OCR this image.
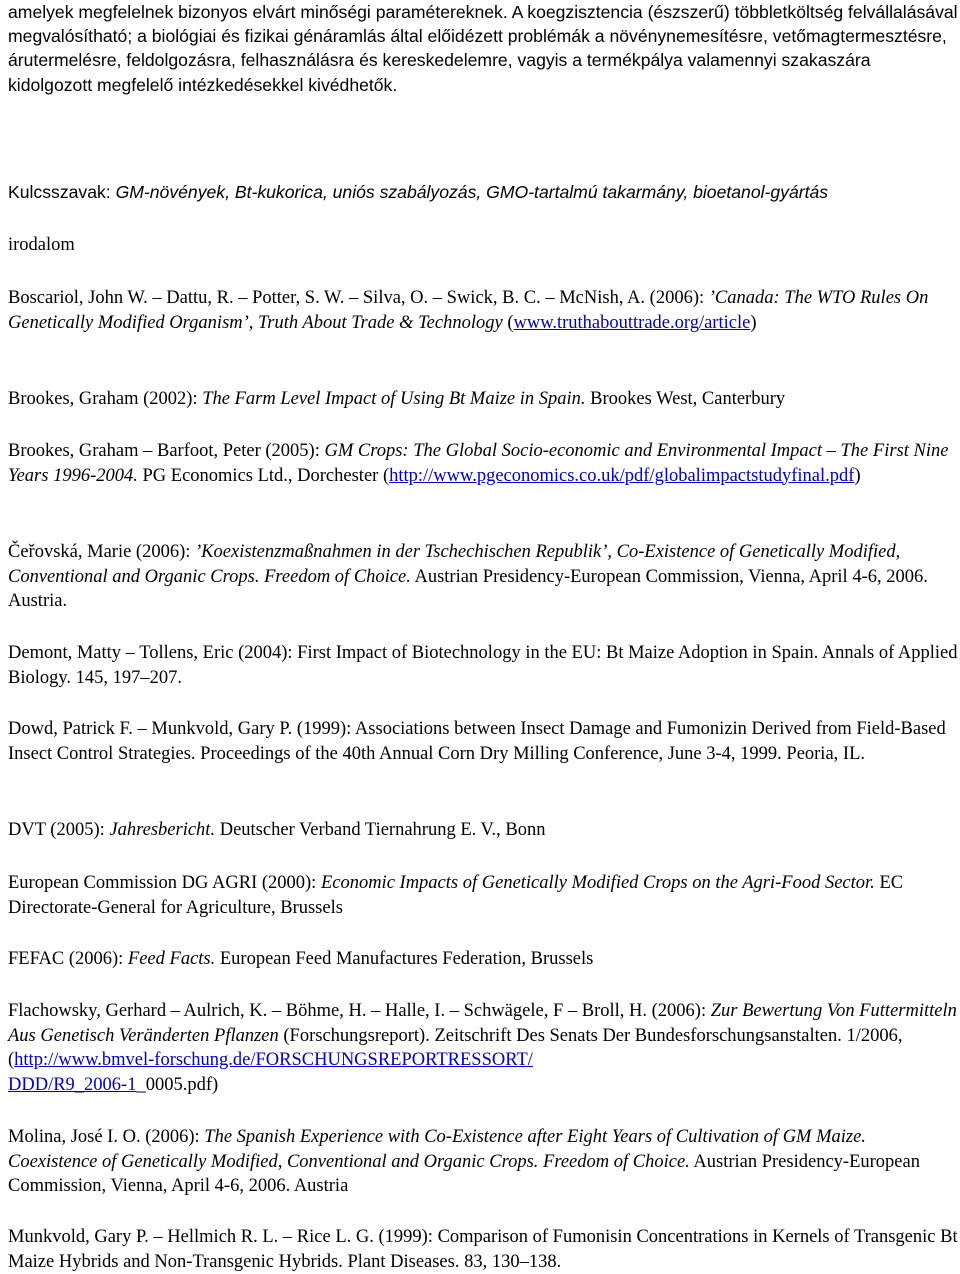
amelyek megfelelnek bizonyos elvárt minőségi paramétereknek. A koegzisztencia (észszerű) többletköltség felvállalásával megvalósítható; a biológiai és fizikai génáramlás által előidézett problémák a növénynemesítésre, vetőmagtermesztésre, árutermelésre, feldolgozásra, felhasználásra és kereskedelemre, vagyis a termékpálya valamennyi szakaszára kidolgozott megfelelő intézkedésekkel kivédhetők.

Kulcsszavak: GM-növények, Bt-kukorica, uniós szabályozás, GMO-tartalmú takarmány, bioetanol-gyártás

irodalom

Boscariol, John W. – Dattu, R. – Potter, S. W. – Silva, O. – Swick, B. C. – McNish, A. (2006): ’Canada: The WTO Rules On Genetically Modified Organism’, Truth About Trade & Technology (www.truthabouttrade.org/article)

Brookes, Graham (2002): The Farm Level Impact of Using Bt Maize in Spain. Brookes West, Canterbury

Brookes, Graham – Barfoot, Peter (2005): GM Crops: The Global Socio-economic and Environmental Impact – The First Nine Years 1996-2004. PG Economics Ltd., Dorchester (http://www.pgeconomics.co.uk/pdf/globalimpactstudyfinal.pdf)

Čeřovská, Marie (2006): ’Koexistenzmaßnahmen in der Tschechischen Republik’, Co-Existence of Genetically Modified, Conventional and Organic Crops. Freedom of Choice. Austrian Presidency-European Commission, Vienna, April 4-6, 2006. Austria.

Demont, Matty – Tollens, Eric (2004): First Impact of Biotechnology in the EU: Bt Maize Adoption in Spain. Annals of Applied Biology. 145, 197–207.

Dowd, Patrick F. – Munkvold, Gary P. (1999): Associations between Insect Damage and Fumonizin Derived from Field-Based Insect Control Strategies. Proceedings of the 40th Annual Corn Dry Milling Conference, June 3-4, 1999. Peoria, IL.

DVT (2005): Jahresbericht. Deutscher Verband Tiernahrung E. V., Bonn

European Commission DG AGRI (2000): Economic Impacts of Genetically Modified Crops on the Agri-Food Sector. EC Directorate-General for Agriculture, Brussels

FEFAC (2006): Feed Facts. European Feed Manufactures Federation, Brussels

Flachowsky, Gerhard – Aulrich, K. – Böhme, H. – Halle, I. – Schwägele, F – Broll, H. (2006): Zur Bewertung Von Futtermitteln Aus Genetisch Veränderten Pflanzen (Forschungsreport). Zeitschrift Des Senats Der Bundesforschungsanstalten. 1/2006, (http://www.bmvel-forschung.de/FORSCHUNGSREPORTRESSORT/
DDD/R9_2006-1_0005.pdf)

Molina, José I. O. (2006): The Spanish Experience with Co-Existence after Eight Years of Cultivation of GM Maize. Coexistence of Genetically Modified, Conventional and Organic Crops. Freedom of Choice. Austrian Presidency-European Commission, Vienna, April 4-6, 2006. Austria

Munkvold, Gary P. – Hellmich R. L. – Rice L. G. (1999): Comparison of Fumonisin Concentrations in Kernels of Transgenic Bt Maize Hybrids and Non-Transgenic Hybrids. Plant Diseases. 83, 130–138.
